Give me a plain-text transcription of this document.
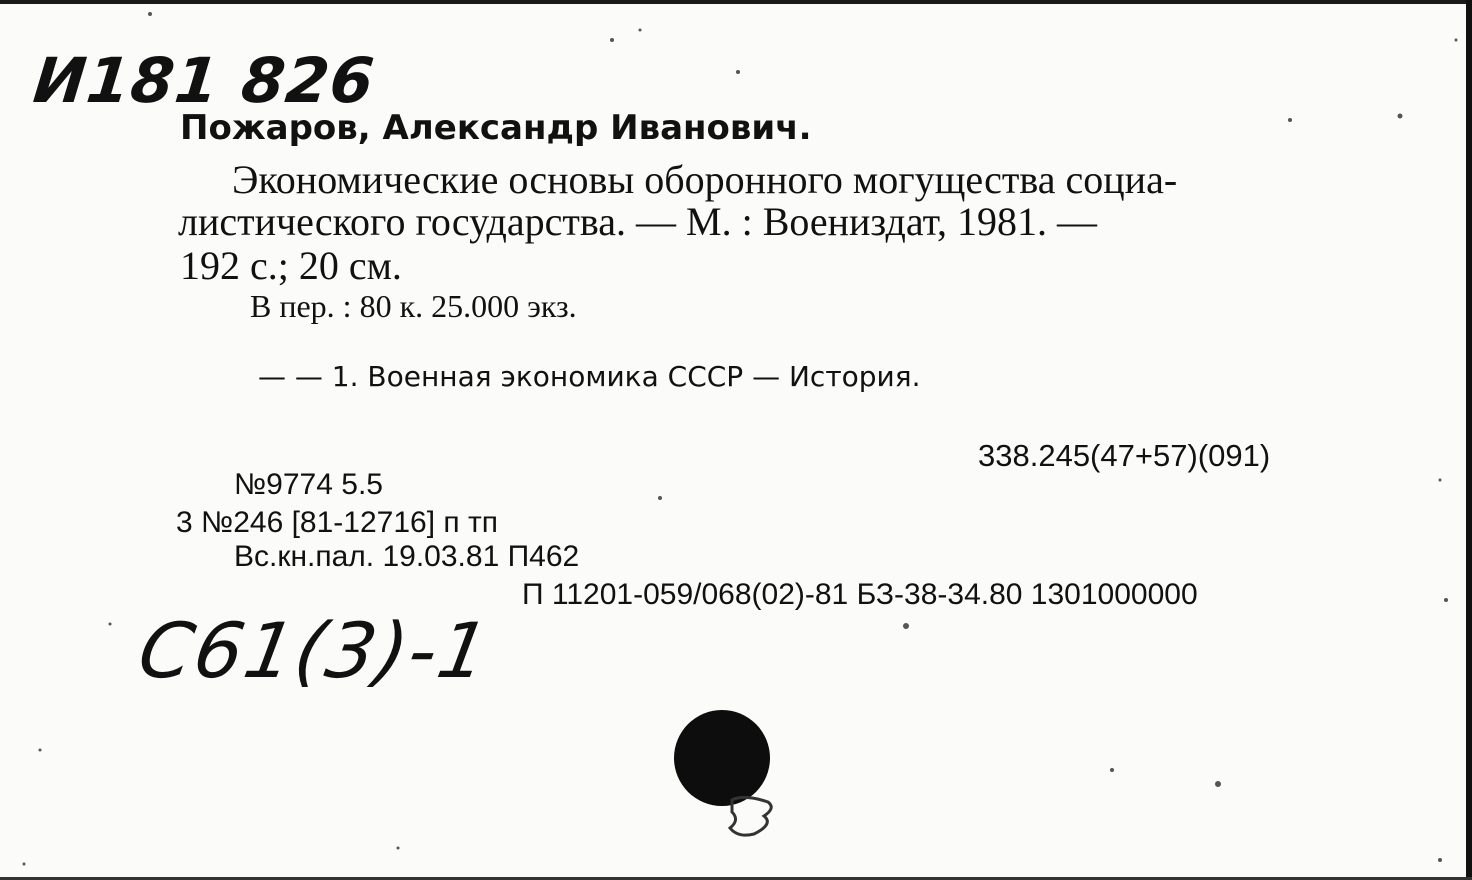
И181 826
Пожаров, Александр Иванович.
Экономические основы оборонного могущества социа-
листического государства. — М. : Воениздат, 1981. —
192 с.; 20 см.
В пер. : 80 к. 25.000 экз.
— — 1. Военная экономика СССР — История.
338.245(47+57)(091)
№9774 5.5
3 №246 [81-12716] п тп
Вс.кн.пал. 19.03.81 П462
П 11201-059/068(02)-81 БЗ-38-34.80 1301000000
С61(3)-1
